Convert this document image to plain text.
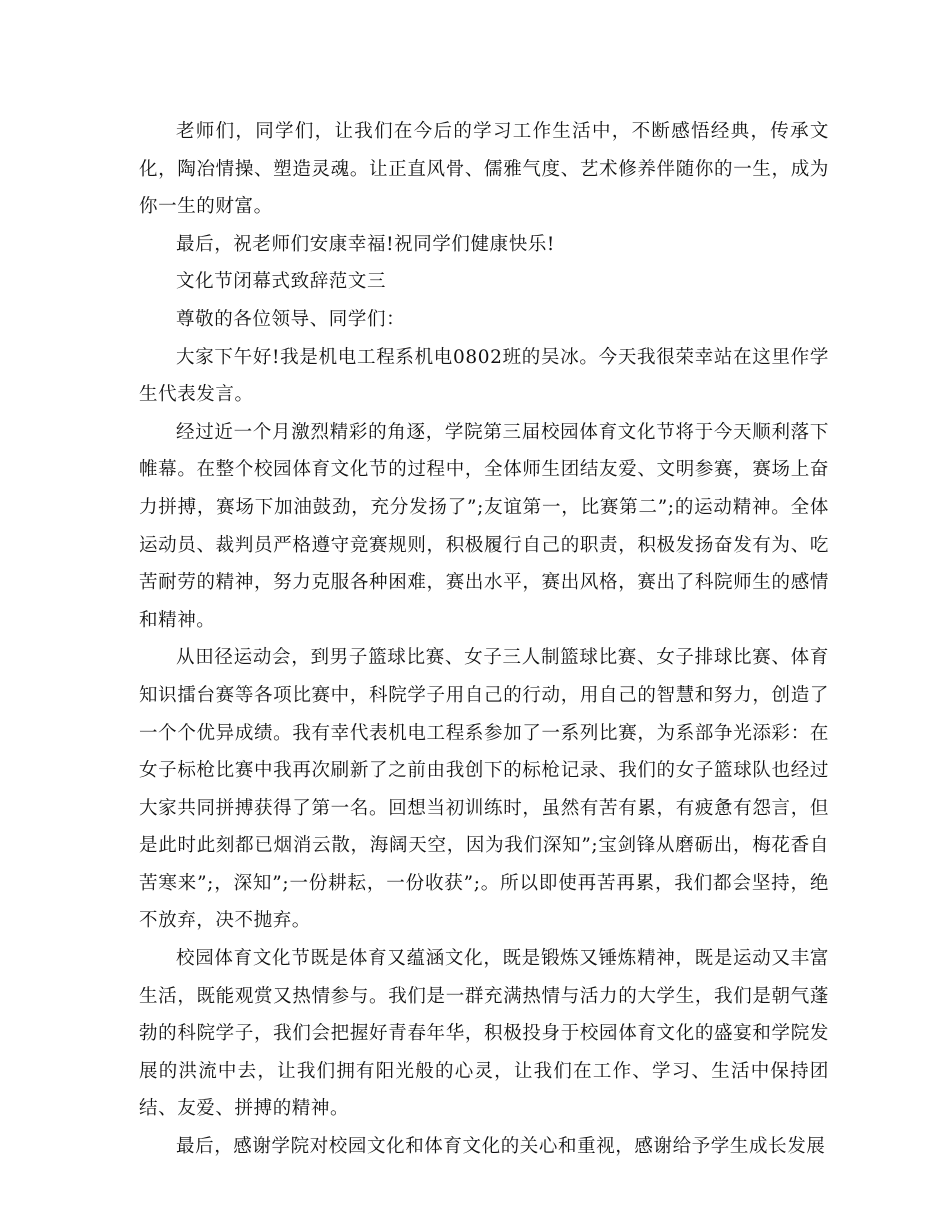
老师们，同学们，让我们在今后的学习工作生活中，不断感悟经典，传承文化，陶冶情操、塑造灵魂。让正直风骨、儒雅气度、艺术修养伴随你的一生，成为你一生的财富。

最后，祝老师们安康幸福!祝同学们健康快乐!

文化节闭幕式致辞范文三

尊敬的各位领导、同学们：

大家下午好!我是机电工程系机电0802班的吴冰。今天我很荣幸站在这里作学生代表发言。

经过近一个月激烈精彩的角逐，学院第三届校园体育文化节将于今天顺利落下帷幕。在整个校园体育文化节的过程中，全体师生团结友爱、文明参赛，赛场上奋力拼搏，赛场下加油鼓劲，充分发扬了”;友谊第一，比赛第二”;的运动精神。全体运动员、裁判员严格遵守竞赛规则，积极履行自己的职责，积极发扬奋发有为、吃苦耐劳的精神，努力克服各种困难，赛出水平，赛出风格，赛出了科院师生的感情和精神。

从田径运动会，到男子篮球比赛、女子三人制篮球比赛、女子排球比赛、体育知识擂台赛等各项比赛中，科院学子用自己的行动，用自己的智慧和努力，创造了一个个优异成绩。我有幸代表机电工程系参加了一系列比赛，为系部争光添彩：在女子标枪比赛中我再次刷新了之前由我创下的标枪记录、我们的女子篮球队也经过大家共同拼搏获得了第一名。回想当初训练时，虽然有苦有累，有疲惫有怨言，但是此时此刻都已烟消云散，海阔天空，因为我们深知”;宝剑锋从磨砺出，梅花香自苦寒来”;，深知”;一份耕耘，一份收获”;。所以即使再苦再累，我们都会坚持，绝不放弃，决不抛弃。

校园体育文化节既是体育又蕴涵文化，既是锻炼又锤炼精神，既是运动又丰富生活，既能观赏又热情参与。我们是一群充满热情与活力的大学生，我们是朝气蓬勃的科院学子，我们会把握好青春年华，积极投身于校园体育文化的盛宴和学院发展的洪流中去，让我们拥有阳光般的心灵，让我们在工作、学习、生活中保持团结、友爱、拼搏的精神。

最后，感谢学院对校园文化和体育文化的关心和重视，感谢给予学生成长发展
